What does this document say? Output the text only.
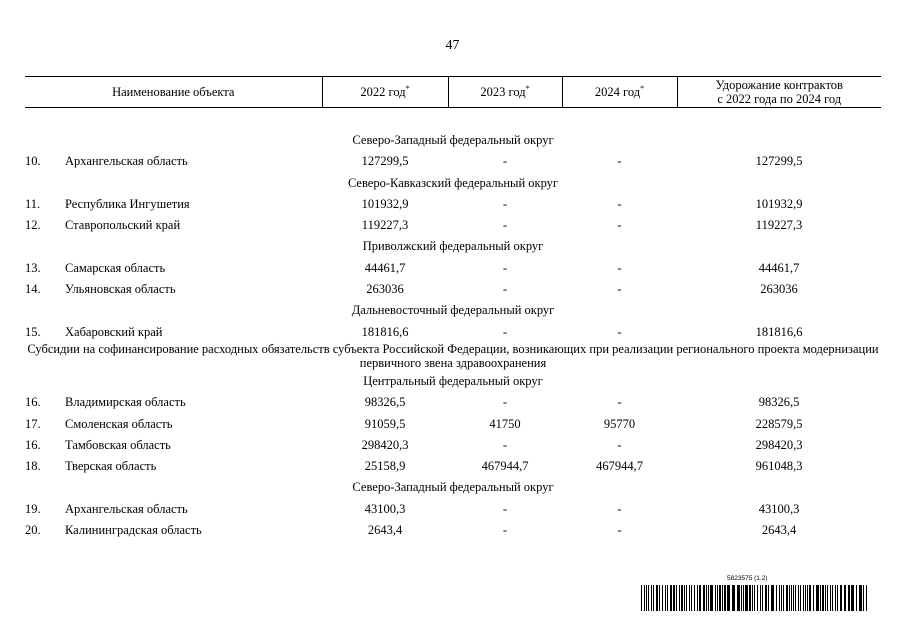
47
Наименование объекта		2022 год*	2023 год*	2024 год*	Удорожание контрактов
с 2022 года по 2024 год

Северо-Западный федеральный округ					
10.	Архангельская область	127299,5	-	-	127299,5
Северо-Кавказский федеральный округ					
11.	Республика Ингушетия	101932,9	-	-	101932,9
12.	Ставропольский край	119227,3	-	-	119227,3
Приволжский федеральный округ					
13.	Самарская область	44461,7	-	-	44461,7
14.	Ульяновская область	263036	-	-	263036
Дальневосточный федеральный округ					
15.	Хабаровский край	181816,6	-	-	181816,6
Субсидии на софинансирование расходных обязательств субъекта Российской Федерации, возникающих при реализации регионального проекта модернизации первичного звена здравоохранения					
Центральный федеральный округ					
16.	Владимирская область	98326,5	-	-	98326,5
17.	Смоленская область	91059,5	41750	95770	228579,5
16.	Тамбовская область	298420,3	-	-	298420,3
18.	Тверская область	25158,9	467944,7	467944,7	961048,3
Северо-Западный федеральный округ					
19.	Архангельская область	43100,3	-	-	43100,3
20.	Калининградская область	2643,4	-	-	2643,4
5823575 (1.2)
